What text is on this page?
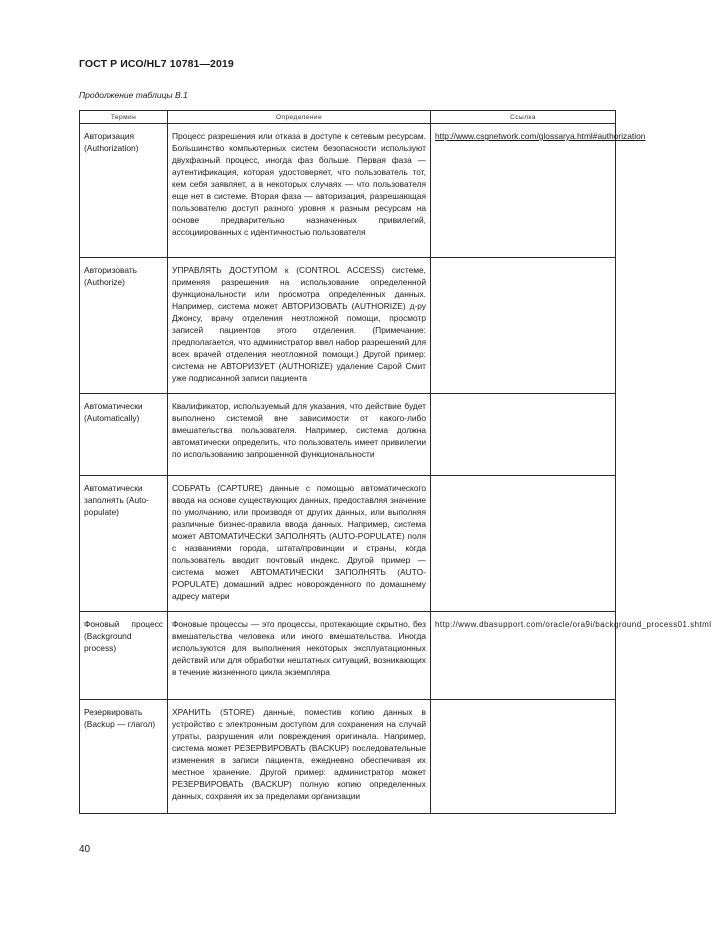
ГОСТ Р ИСО/HL7 10781—2019
Продолжение таблицы В.1
Термин	Определение	Ссылка
Авторизация (Authorization)	Процесс разрешения или отказа в доступе к сетевым ресурсам. Большинство компьютерных систем безопасности используют двухфазный процесс, иногда фаз больше. Первая фаза — аутентификация, которая удостоверяет, что пользователь тот, кем себя заявляет, а в некоторых случаях — что пользователя еще нет в системе. Вторая фаза — авторизация, разрешающая пользователю доступ разного уровня к разным ресурсам на основе предварительно назначенных привилегий, ассоциированных с идентичностью пользователя	http://www.csgnetwork.com/glossarya.html#authorization
Авторизовать (Authorize)	УПРАВЛЯТЬ ДОСТУПОМ к (CONTROL ACCESS) системе, применяя разрешения на использование определенной функциональности или просмотра определенных данных. Например, система может АВТОРИЗОВАТЬ (AUTHORIZE) д-ру Джонсу, врачу отделения неотложной помощи, просмотр записей пациентов этого отделения. (Примечание: предполагается, что администратор ввел набор разрешений для всех врачей отделения неотложной помощи.) Другой пример: система не АВТОРИЗУЕТ (AUTHORIZE) удаление Сарой Смит уже подписанной записи пациента	
Автоматически (Automatically)	Квалификатор, используемый для указания, что действие будет выполнено системой вне зависимости от какого-либо вмешательства пользователя. Например, система должна автоматически определить, что пользователь имеет привилегии по использованию запрошенной функциональности	
Автоматически заполнять (Auto-populate)	СОБРАТЬ (CAPTURE) данные с помощью автоматического ввода на основе существующих данных, предоставляя значение по умолчанию, или производя от других данных, или выполняя различные бизнес-правила ввода данных. Например, система может АВТОМАТИЧЕСКИ ЗАПОЛНЯТЬ (AUTO-POPULATE) поля с названиями города, штата/провинции и страны, когда пользователь вводит почтовый индекс. Другой пример — система может АВТОМАТИЧЕСКИ ЗАПОЛНЯТЬ (AUTO-POPULATE) домашний адрес новорожденного по домашнему адресу матери	
Фоновый процесс (Background process)	Фоновые процессы — это процессы, протекающие скрытно, без вмешательства человека или иного вмешательства. Иногда используются для выполнения некоторых эксплуатационных действий или для обработки нештатных ситуаций, возникающих в течение жизненного цикла экземпляра	http://www.dbasupport.com/oracle/ora9i/background_process01.shtml
Резервировать (Backup — глагол)	ХРАНИТЬ (STORE) данные, поместив копию данных в устройство с электронным доступом для сохранения на случай утраты, разрушения или повреждения оригинала. Например, система может РЕЗЕРВИРОВАТЬ (BACKUP) последовательные изменения в записи пациента, ежедневно обеспечивая их местное хранение. Другой пример: администратор может РЕЗЕРВИРОВАТЬ (BACKUP) полную копию определенных данных, сохраняя их за пределами организации	
40
